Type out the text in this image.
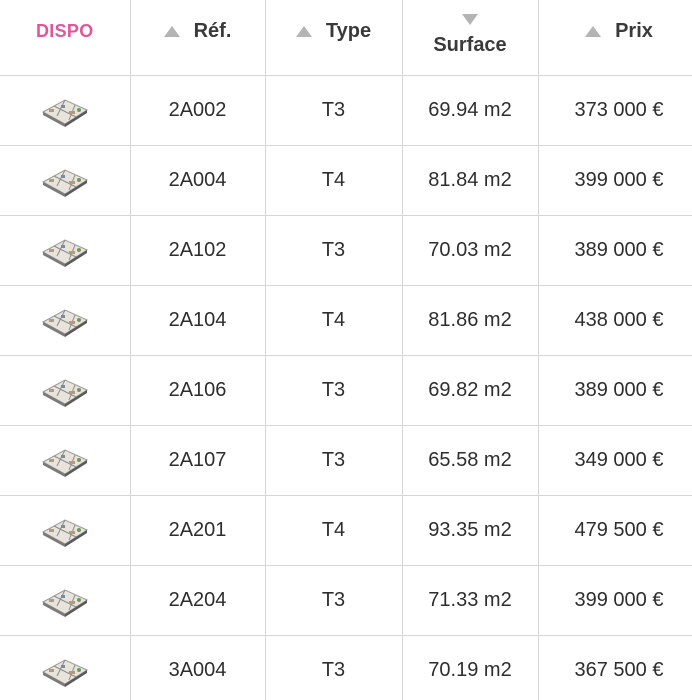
DISPO	Réf.	Type	Surface	Prix

	2A002	T3	69.94 m2	373 000 €
	2A004	T4	81.84 m2	399 000 €
	2A102	T3	70.03 m2	389 000 €
	2A104	T4	81.86 m2	438 000 €
	2A106	T3	69.82 m2	389 000 €
	2A107	T3	65.58 m2	349 000 €
	2A201	T4	93.35 m2	479 500 €
	2A204	T3	71.33 m2	399 000 €
	3A004	T3	70.19 m2	367 500 €
